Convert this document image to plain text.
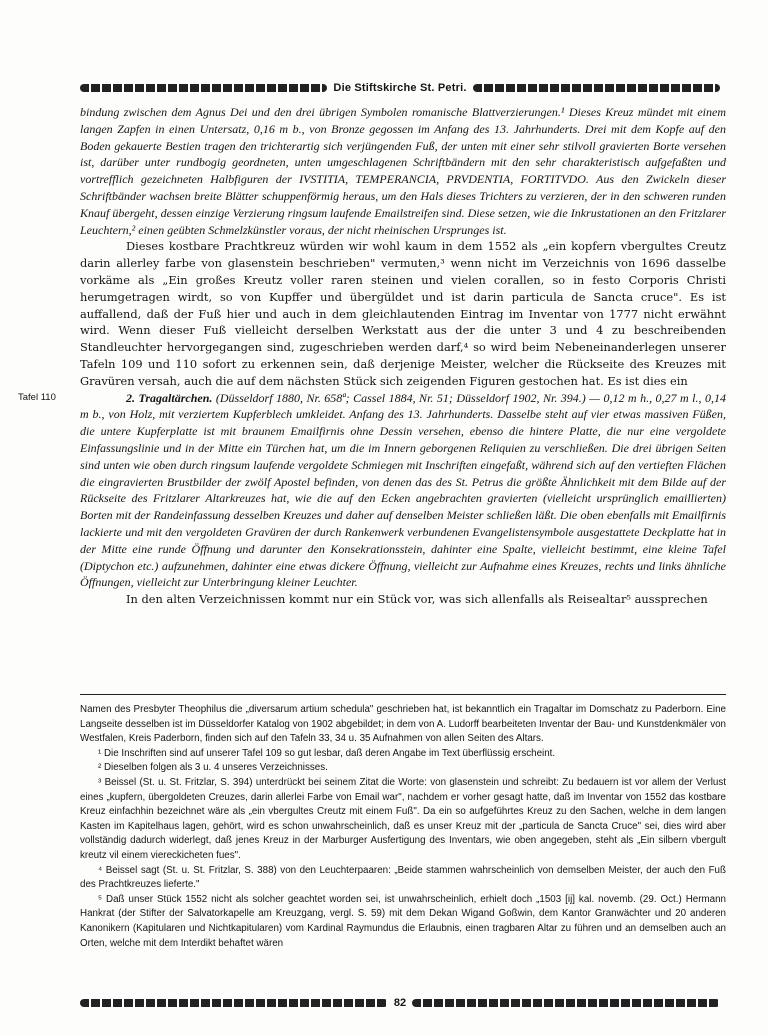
Die Stiftskirche St. Petri.

bindung zwischen dem Agnus Dei und den drei übrigen Symbolen romanische Blattverzierungen.¹ Dieses Kreuz mündet mit einem langen Zapfen in einen Untersatz, 0,16 m b., von Bronze gegossen im Anfang des 13. Jahrhunderts. Drei mit dem Kopfe auf den Boden gekauerte Bestien tragen den trichterartig sich verjüngenden Fuß, der unten mit einer sehr stilvoll gravierten Borte versehen ist, darüber unter rundbogig geordneten, unten umgeschlagenen Schriftbändern mit den sehr charakteristisch aufgefaßten und vortrefflich gezeichneten Halbfiguren der IVSTITIA, TEMPERANCIA, PRVDENTIA, FORTITVDO. Aus den Zwickeln dieser Schriftbänder wachsen breite Blätter schuppenförmig heraus, um den Hals dieses Trichters zu verzieren, der in den schweren runden Knauf übergeht, dessen einzige Verzierung ringsum laufende Emailstreifen sind. Diese setzen, wie die Inkrustationen an den Fritzlarer Leuchtern,² einen geübten Schmelzkünstler voraus, der nicht rheinischen Ursprunges ist.

Dieses kostbare Prachtkreuz würden wir wohl kaum in dem 1552 als „ein kopfern vbergultes Creutz darin allerley farbe von glasenstein beschrieben" vermuten,³ wenn nicht im Verzeichnis von 1696 dasselbe vorkäme als „Ein großes Kreutz voller raren steinen und vielen corallen, so in festo Corporis Christi herumgetragen wirdt, so von Kupffer und übergüldet und ist darin particula de Sancta cruce". Es ist auffallend, daß der Fuß hier und auch in dem gleichlautenden Eintrag im Inventar von 1777 nicht erwähnt wird. Wenn dieser Fuß vielleicht derselben Werkstatt aus der die unter 3 und 4 zu beschreibenden Standleuchter hervorgegangen sind, zugeschrieben werden darf,⁴ so wird beim Nebeneinanderlegen unserer Tafeln 109 und 110 sofort zu erkennen sein, daß derjenige Meister, welcher die Rückseite des Kreuzes mit Gravüren versah, auch die auf dem nächsten Stück sich zeigenden Figuren gestochen hat. Es ist dies ein

Tafel 110	2. Tragaltärchen. (Düsseldorf 1880, Nr. 658ª; Cassel 1884, Nr. 51; Düsseldorf 1902, Nr. 394.) — 0,12 m h., 0,27 m l., 0,14 m b., von Holz, mit verziertem Kupferblech umkleidet. Anfang des 13. Jahrhunderts. Dasselbe steht auf vier etwas massiven Füßen, die untere Kupferplatte ist mit braunem Emailfirnis ohne Dessin versehen, ebenso die hintere Platte, die nur eine vergoldete Einfassungslinie und in der Mitte ein Türchen hat, um die im Innern geborgenen Reliquien zu verschließen. Die drei übrigen Seiten sind unten wie oben durch ringsum laufende vergoldete Schmiegen mit Inschriften eingefaßt, während sich auf den vertieften Flächen die eingravierten Brustbilder der zwölf Apostel befinden, von denen das des St. Petrus die größte Ähnlichkeit mit dem Bilde auf der Rückseite des Fritzlarer Altarkreuzes hat, wie die auf den Ecken angebrachten gravierten (vielleicht ursprünglich emaillierten) Borten mit der Randeinfassung desselben Kreuzes und daher auf denselben Meister schließen läßt. Die oben ebenfalls mit Emailfirnis lackierte und mit den vergoldeten Gravüren der durch Rankenwerk verbundenen Evangelistensymbole ausgestattete Deckplatte hat in der Mitte eine runde Öffnung und darunter den Konsekrationsstein, dahinter eine Spalte, vielleicht bestimmt, eine kleine Tafel (Diptychon etc.) aufzunehmen, dahinter eine etwas dickere Öffnung, vielleicht zur Aufnahme eines Kreuzes, rechts und links ähnliche Öffnungen, vielleicht zur Unterbringung kleiner Leuchter.

In den alten Verzeichnissen kommt nur ein Stück vor, was sich allenfalls als Reisealtar⁵ aussprechen

Namen des Presbyter Theophilus die „diversarum artium schedula" geschrieben hat, ist bekanntlich ein Tragaltar im Domschatz zu Paderborn. Eine Langseite desselben ist im Düsseldorfer Katalog von 1902 abgebildet; in dem von A. Ludorff bearbeiteten Inventar der Bau- und Kunstdenkmäler von Westfalen, Kreis Paderborn, finden sich auf den Tafeln 33, 34 u. 35 Aufnahmen von allen Seiten des Altars.

¹ Die Inschriften sind auf unserer Tafel 109 so gut lesbar, daß deren Angabe im Text überflüssig erscheint.

² Dieselben folgen als 3 u. 4 unseres Verzeichnisses.

³ Beissel (St. u. St. Fritzlar, S. 394) unterdrückt bei seinem Zitat die Worte: von glasenstein und schreibt: Zu bedauern ist vor allem der Verlust eines „kupfern, übergoldeten Creuzes, darin allerlei Farbe von Email war", nachdem er vorher gesagt hatte, daß im Inventar von 1552 das kostbare Kreuz einfachhin bezeichnet wäre als „ein vbergultes Creutz mit einem Fuß". Da ein so aufgeführtes Kreuz zu den Sachen, welche in dem langen Kasten im Kapitelhaus lagen, gehört, wird es schon unwahrscheinlich, daß es unser Kreuz mit der „particula de Sancta Cruce" sei, dies wird aber vollständig dadurch widerlegt, daß jenes Kreuz in der Marburger Ausfertigung des Inventars, wie oben angegeben, steht als „Ein silbern vbergult kreutz vil einem viereckicheten fues".

⁴ Beissel sagt (St. u. St. Fritzlar, S. 388) von den Leuchterpaaren: „Beide stammen wahrscheinlich von demselben Meister, der auch den Fuß des Prachtkreuzes lieferte."

⁵ Daß unser Stück 1552 nicht als solcher geachtet worden sei, ist unwahrscheinlich, erhielt doch „1503 [ij] kal. novemb. (29. Oct.) Hermann Hankrat (der Stifter der Salvatorkapelle am Kreuzgang, vergl. S. 59) mit dem Dekan Wigand Goßwin, dem Kantor Granwächter und 20 anderen Kanonikern (Kapitularen und Nichtkapitularen) vom Kardinal Raymundus die Erlaubnis, einen tragbaren Altar zu führen und an demselben auch an Orten, welche mit dem Interdikt behaftet wären

82
